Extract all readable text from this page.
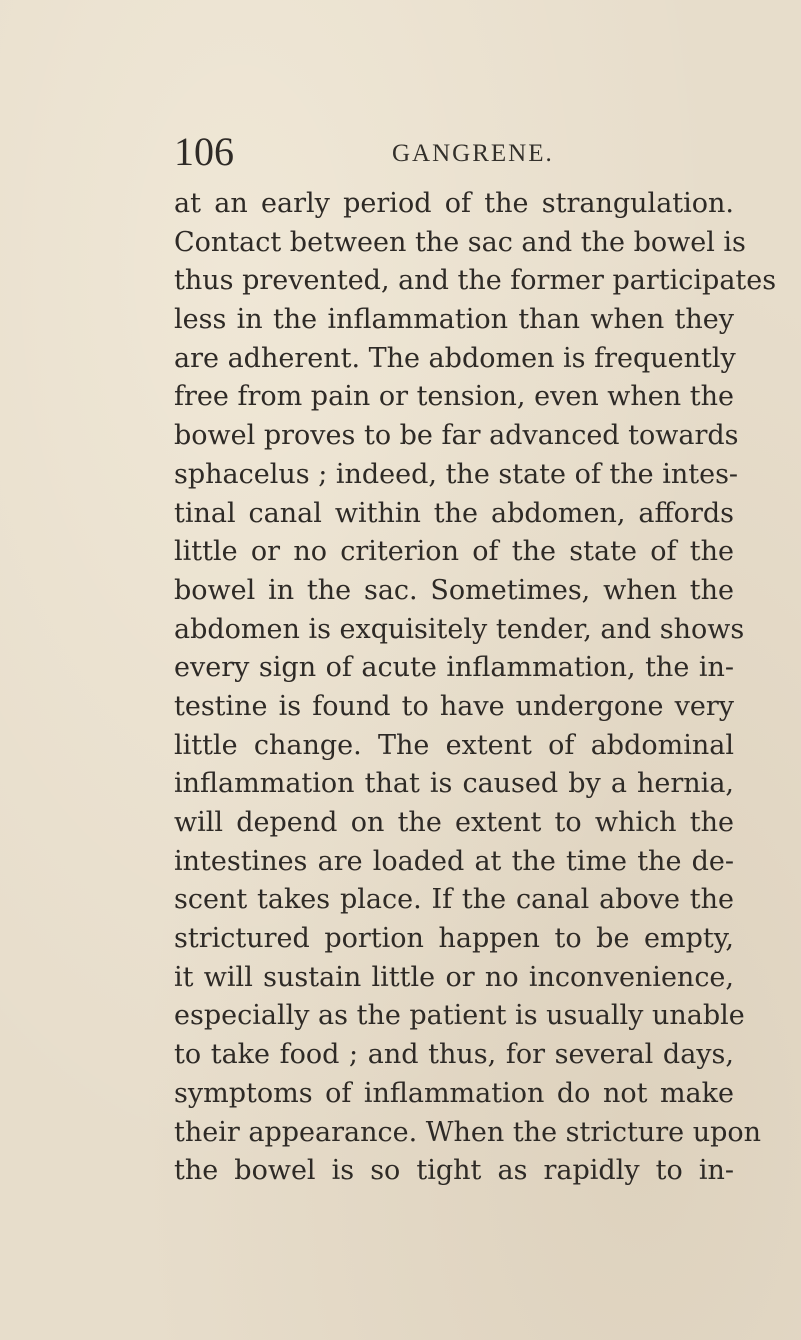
106	GANGRENE.
at an early period of the strangulation.
Contact between the sac and the bowel is
thus prevented, and the former participates
less in the inflammation than when they
are adherent. The abdomen is frequently
free from pain or tension, even when the
bowel proves to be far advanced towards
sphacelus ; indeed, the state of the intes-
tinal canal within the abdomen, affords
little or no criterion of the state of the
bowel in the sac. Sometimes, when the
abdomen is exquisitely tender, and shows
every sign of acute inflammation, the in-
testine is found to have undergone very
little change. The extent of abdominal
inflammation that is caused by a hernia,
will depend on the extent to which the
intestines are loaded at the time the de-
scent takes place. If the canal above the
strictured portion happen to be empty,
it will sustain little or no inconvenience,
especially as the patient is usually unable
to take food ; and thus, for several days,
symptoms of inflammation do not make
their appearance. When the stricture upon
the bowel is so tight as rapidly to in-
